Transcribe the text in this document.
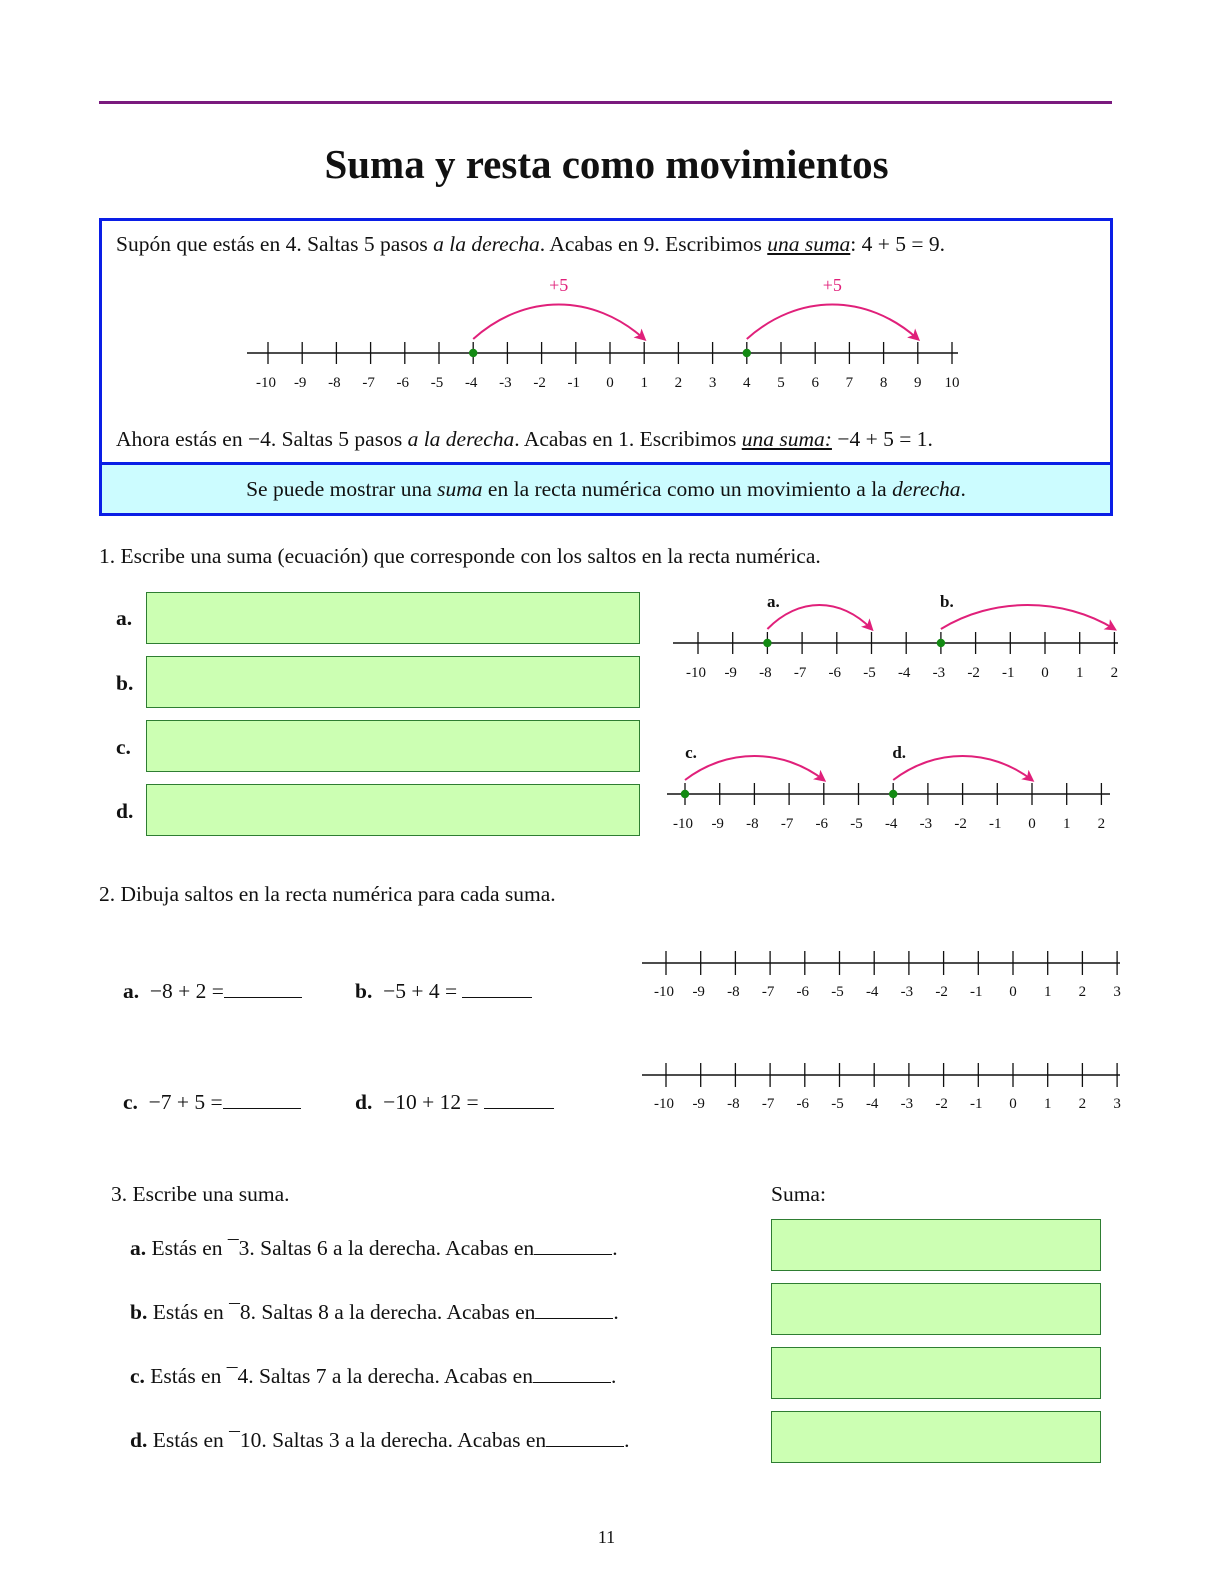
Suma y resta como movimientos
Supón que estás en 4. Saltas 5 pasos a la derecha. Acabas en 9. Escribimos una suma: 4 + 5 = 9.
-10 -9 -8 -7 -6 -5 -4 -3 -2 -1 0 1 2 3 4 5 6 7 8 9 10
+5	+5
Ahora estás en −4. Saltas 5 pasos a la derecha. Acabas en 1. Escribimos una suma: −4 + 5 = 1.
Se puede mostrar una suma en la recta numérica como un movimiento a la derecha.
1. Escribe una suma (ecuación) que corresponde con los saltos en la recta numérica.
a.
b.
c.
d.
-10 -9 -8 -7 -6 -5 -4 -3 -2 -1 0 1 2
a.	b.
-10 -9 -8 -7 -6 -5 -4 -3 -2 -1 0 1 2
c.	d.
2. Dibuja saltos en la recta numérica para cada suma.
a. −8 + 2 =	b. −5 + 4 =
c. −7 + 5 =	d. −10 + 12 =
-10 -9 -8 -7 -6 -5 -4 -3 -2 -1 0 1 2 3
-10 -9 -8 -7 -6 -5 -4 -3 -2 -1 0 1 2 3
3. Escribe una suma.	Suma:
a. Estás en ¯3. Saltas 6 a la derecha. Acabas en	.
b. Estás en ¯8. Saltas 8 a la derecha. Acabas en	.
c. Estás en ¯4. Saltas 7 a la derecha. Acabas en	.
d. Estás en ¯10. Saltas 3 a la derecha. Acabas en	.
11
